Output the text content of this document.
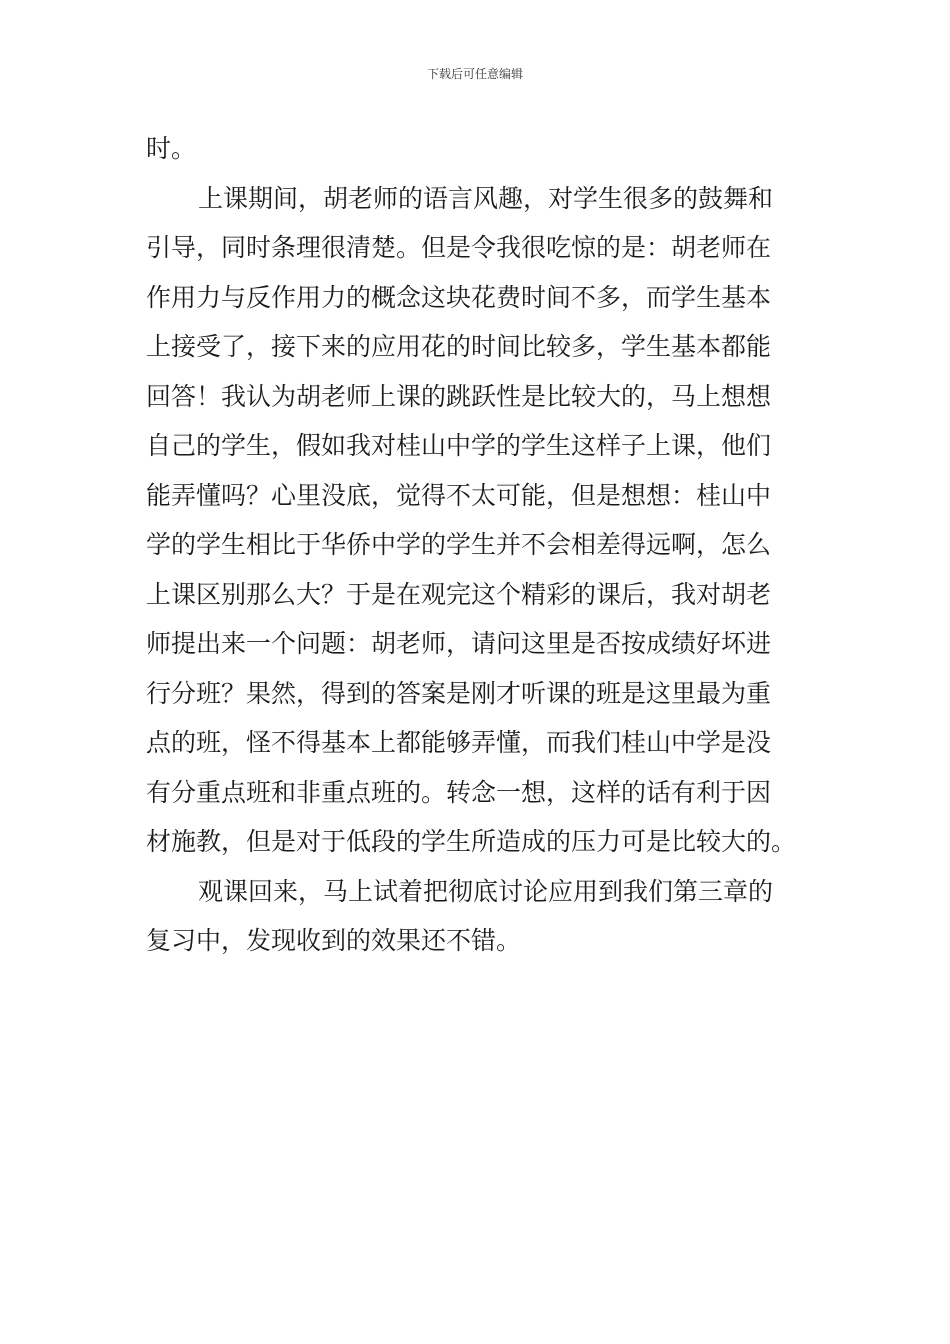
下载后可任意编辑
时。
上课期间，胡老师的语言风趣，对学生很多的鼓舞和
引导，同时条理很清楚。但是令我很吃惊的是：胡老师在
作用力与反作用力的概念这块花费时间不多，而学生基本
上接受了，接下来的应用花的时间比较多，学生基本都能
回答！我认为胡老师上课的跳跃性是比较大的，马上想想
自己的学生，假如我对桂山中学的学生这样子上课，他们
能弄懂吗？心里没底，觉得不太可能，但是想想：桂山中
学的学生相比于华侨中学的学生并不会相差得远啊，怎么
上课区别那么大？于是在观完这个精彩的课后，我对胡老
师提出来一个问题：胡老师，请问这里是否按成绩好坏进
行分班？果然，得到的答案是刚才听课的班是这里最为重
点的班，怪不得基本上都能够弄懂，而我们桂山中学是没
有分重点班和非重点班的。转念一想，这样的话有利于因
材施教，但是对于低段的学生所造成的压力可是比较大的。
观课回来，马上试着把彻底讨论应用到我们第三章的
复习中，发现收到的效果还不错。
